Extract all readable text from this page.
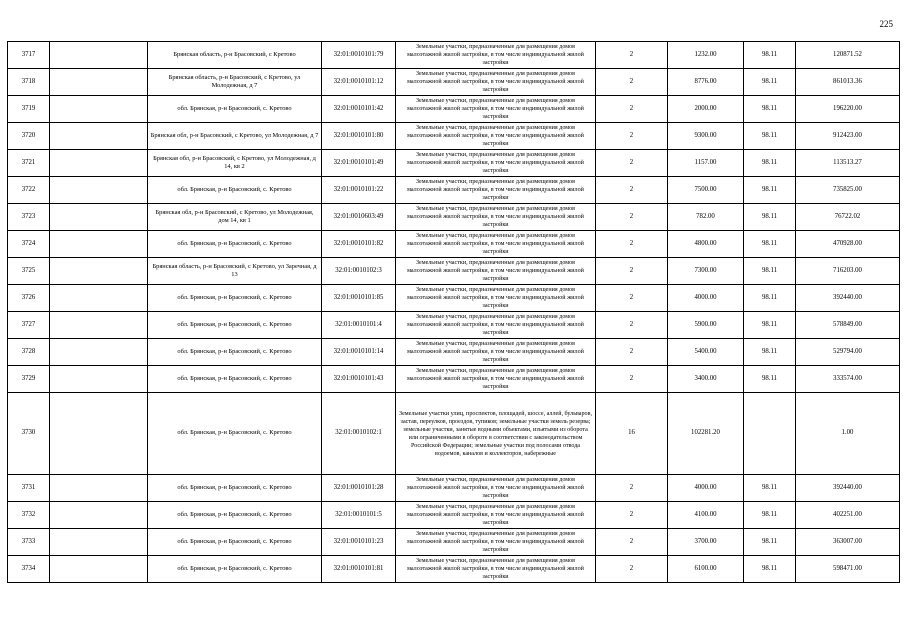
225
3717		Брянская область, р-н Брасовский, с Кретово	32:01:0010101:79	Земельные участки, предназначенные для размещения домов малоэтажной жилой застройки, в том числе индивидуальной жилой застройки	2	1232.00	98.11	120871.52
3718		Брянская область, р-н Брасовский, с Кретово, ул Молодежная, д 7	32:01:0010101:12	Земельные участки, предназначенные для размещения домов малоэтажной жилой застройки, в том числе индивидуальной жилой застройки	2	8776.00	98.11	861013.36
3719		обл. Брянская, р-н Брасовский, с. Кретово	32:01:0010101:42	Земельные участки, предназначенные для размещения домов малоэтажной жилой застройки, в том числе индивидуальной жилой застройки	2	2000.00	98.11	196220.00
3720		Брянская обл, р-н Брасовский, с Кретово, ул Молодежная, д 7	32:01:0010101:80	Земельные участки, предназначенные для размещения домов малоэтажной жилой застройки, в том числе индивидуальной жилой застройки	2	9300.00	98.11	912423.00
3721		Брянская обл, р-н Брасовский, с Кретово, ул Молодежная, д 14, кв 2	32:01:0010101:49	Земельные участки, предназначенные для размещения домов малоэтажной жилой застройки, в том числе индивидуальной жилой застройки	2	1157.00	98.11	113513.27
3722		обл. Брянская, р-н Брасовский, с. Кретово	32:01:0010101:22	Земельные участки, предназначенные для размещения домов малоэтажной жилой застройки, в том числе индивидуальной жилой застройки	2	7500.00	98.11	735825.00
3723		Брянская обл, р-н Брасовский, с Кретово, ул Молодежная, дом 14, кв 1	32:01:0010603:49	Земельные участки, предназначенные для размещения домов малоэтажной жилой застройки, в том числе индивидуальной жилой застройки	2	782.00	98.11	76722.02
3724		обл. Брянская, р-н Брасовский, с. Кретово	32:01:0010101:82	Земельные участки, предназначенные для размещения домов малоэтажной жилой застройки, в том числе индивидуальной жилой застройки	2	4800.00	98.11	470928.00
3725		Брянская область, р-н Брасовский, с Кретово, ул Заречная, д 13	32:01:0010102:3	Земельные участки, предназначенные для размещения домов малоэтажной жилой застройки, в том числе индивидуальной жилой застройки	2	7300.00	98.11	716203.00
3726		обл. Брянская, р-н Брасовский, с. Кретово	32:01:0010101:85	Земельные участки, предназначенные для размещения домов малоэтажной жилой застройки, в том числе индивидуальной жилой застройки	2	4000.00	98.11	392440.00
3727		обл. Брянская, р-н Брасовский, с. Кретово	32:01:0010101:4	Земельные участки, предназначенные для размещения домов малоэтажной жилой застройки, в том числе индивидуальной жилой застройки	2	5900.00	98.11	578849.00
3728		обл. Брянская, р-н Брасовский, с. Кретово	32:01:0010101:14	Земельные участки, предназначенные для размещения домов малоэтажной жилой застройки, в том числе индивидуальной жилой застройки	2	5400.00	98.11	529794.00
3729		обл. Брянская, р-н Брасовский, с. Кретово	32:01:0010101:43	Земельные участки, предназначенные для размещения домов малоэтажной жилой застройки, в том числе индивидуальной жилой застройки	2	3400.00	98.11	333574.00
3730		обл. Брянская, р-н Брасовский, с. Кретово	32:01:0010102:1	Земельные участки улиц, проспектов, площадей, шоссе, аллей, бульваров, застав, переулков, проездов, тупиков; земельные участки земель резерва; земельные участки, занятые водными объектами, изъятыми из оборота или ограниченными в обороте в соответствии с законодательством Российской Федерации; земельные участки под полосами отвода водоемов, каналов и коллекторов, набережные	16	102281.20		1.00
3731		обл. Брянская, р-н Брасовский, с. Кретово	32:01:0010101:28	Земельные участки, предназначенные для размещения домов малоэтажной жилой застройки, в том числе индивидуальной жилой застройки	2	4000.00	98.11	392440.00
3732		обл. Брянская, р-н Брасовский, с. Кретово	32:01:0010101:5	Земельные участки, предназначенные для размещения домов малоэтажной жилой застройки, в том числе индивидуальной жилой застройки	2	4100.00	98.11	402251.00
3733		обл. Брянская, р-н Брасовский, с. Кретово	32:01:0010101:23	Земельные участки, предназначенные для размещения домов малоэтажной жилой застройки, в том числе индивидуальной жилой застройки	2	3700.00	98.11	363007.00
3734		обл. Брянская, р-н Брасовский, с. Кретово	32:01:0010101:81	Земельные участки, предназначенные для размещения домов малоэтажной жилой застройки, в том числе индивидуальной жилой застройки	2	6100.00	98.11	598471.00
